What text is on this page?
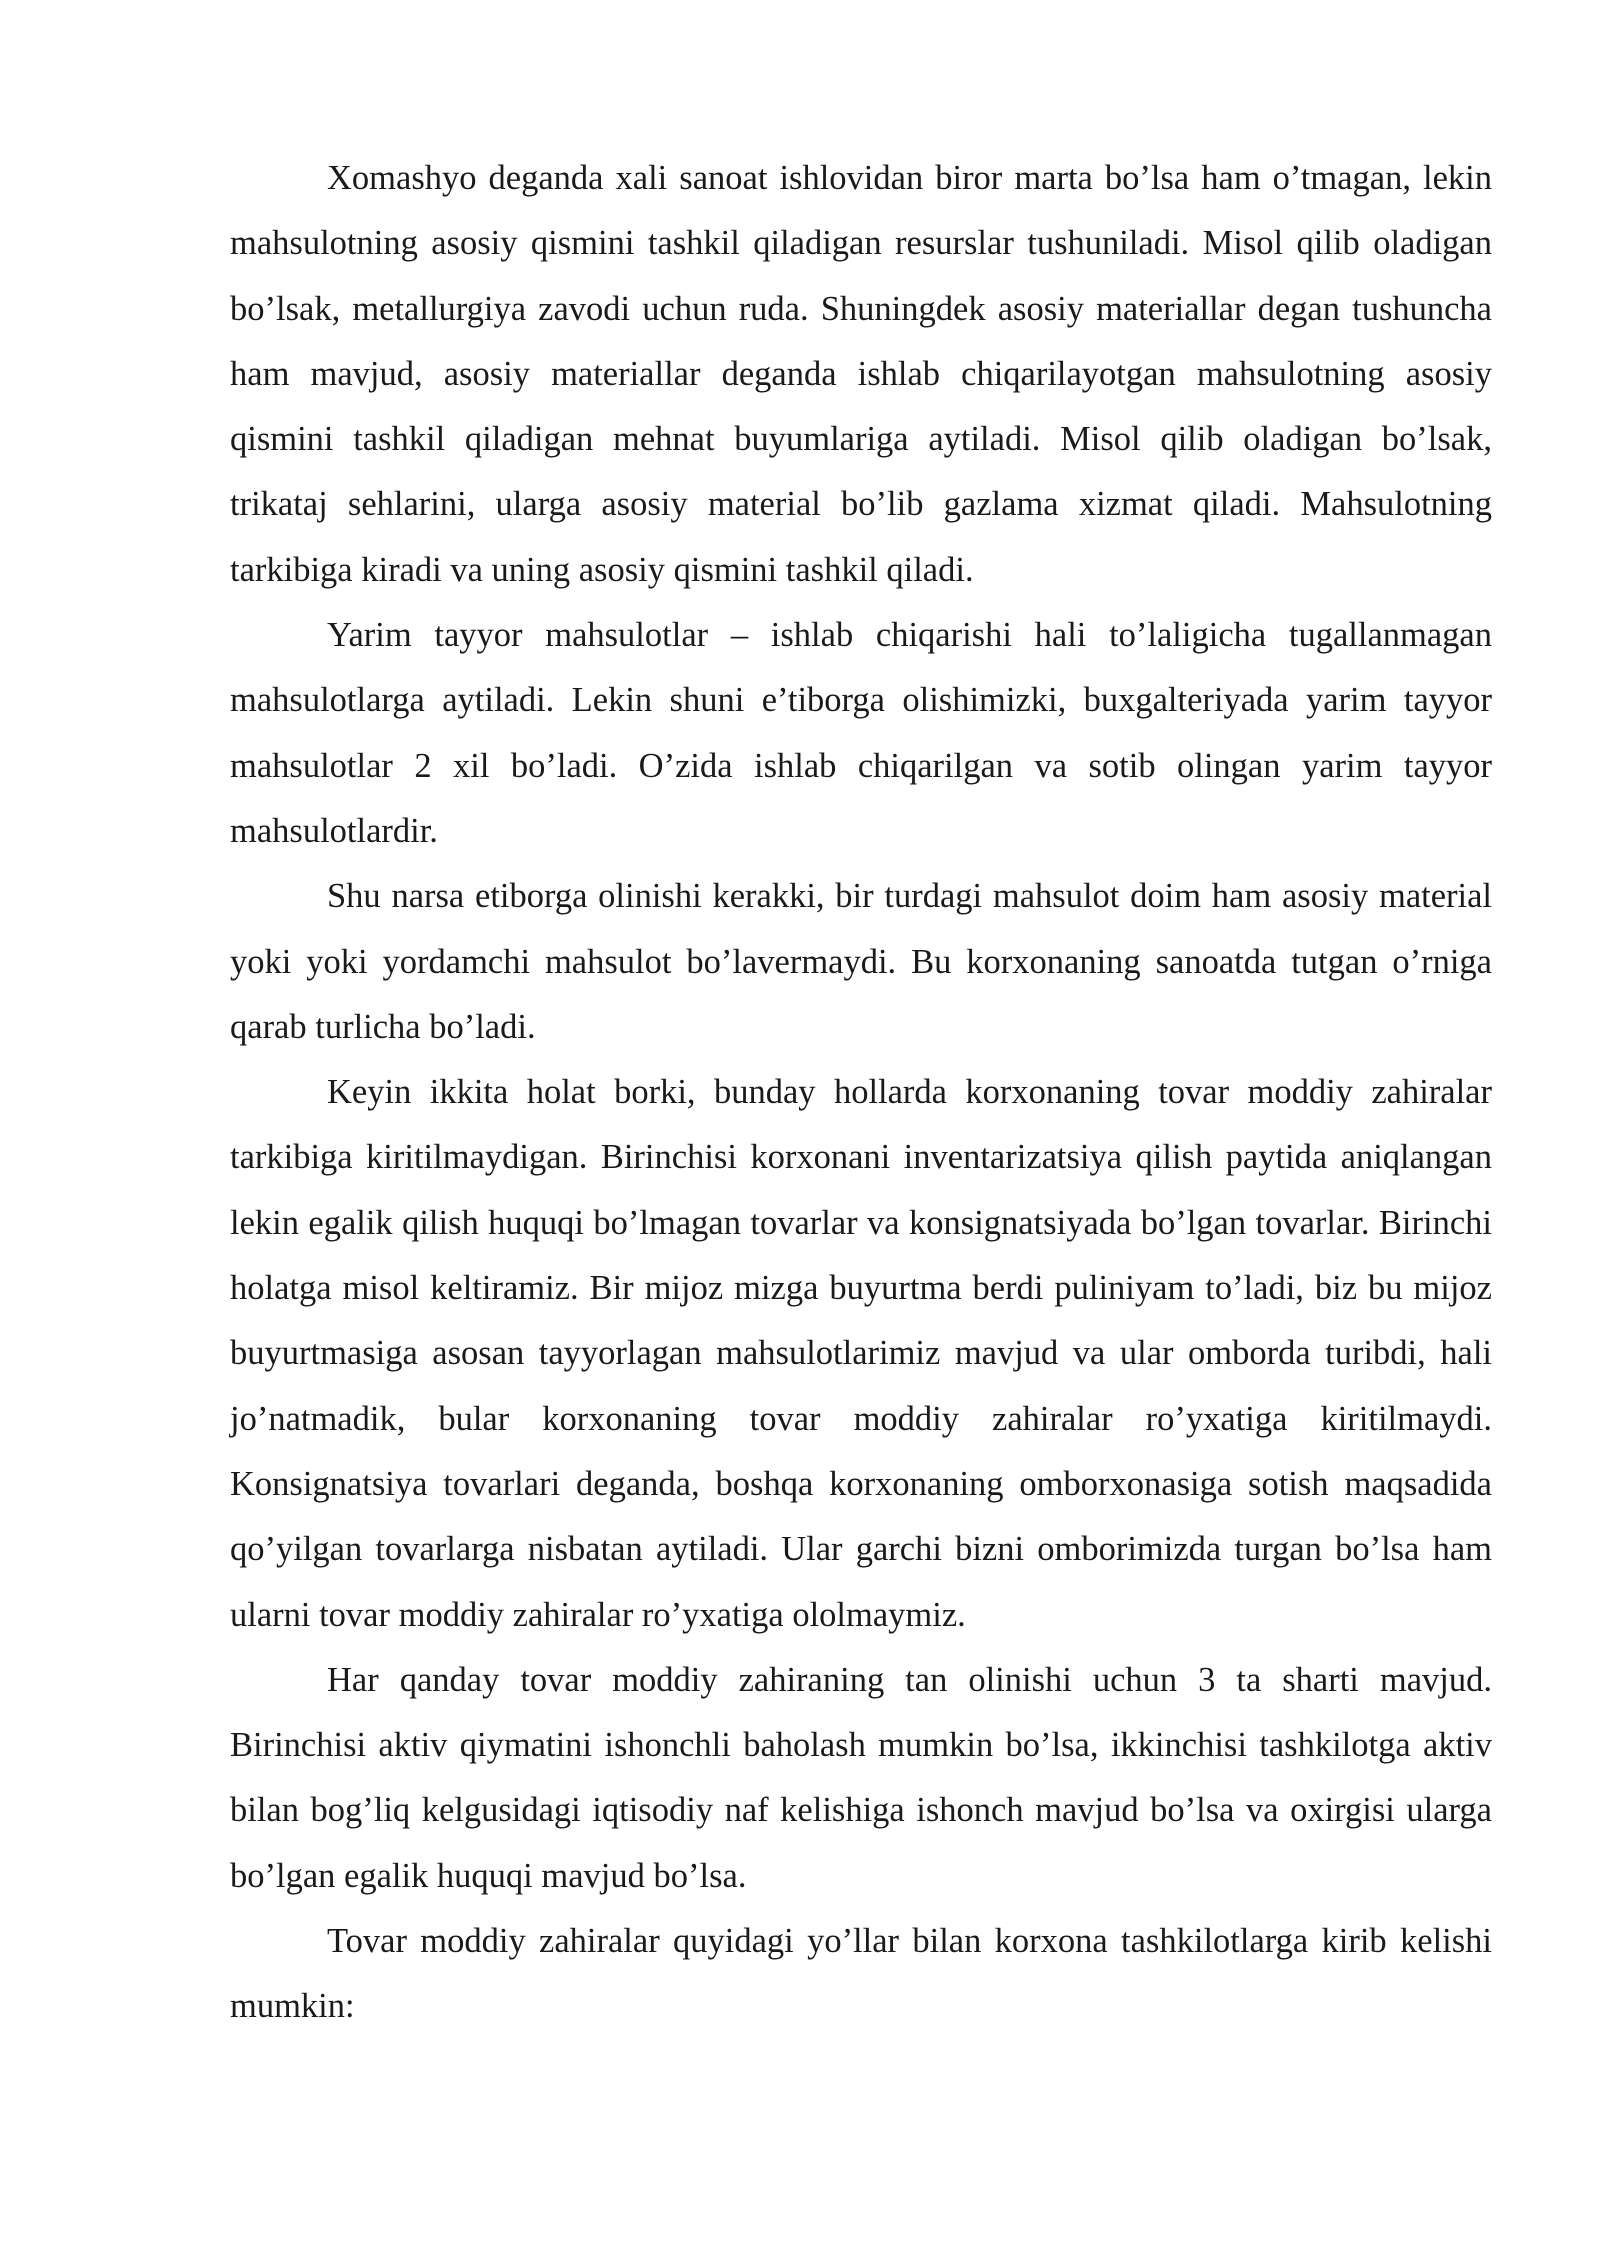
Xomashyo deganda xali sanoat ishlovidan biror marta bo’lsa ham o’tmagan, lekin mahsulotning asosiy qismini tashkil qiladigan resurslar tushuniladi. Misol qilib oladigan bo’lsak, metallurgiya zavodi uchun ruda. Shuningdek asosiy materiallar degan tushuncha ham mavjud, asosiy materiallar deganda ishlab chiqarilayotgan mahsulotning asosiy qismini tashkil qiladigan mehnat buyumlariga aytiladi. Misol qilib oladigan bo’lsak, trikataj sehlarini, ularga asosiy material bo’lib gazlama xizmat qiladi. Mahsulotning tarkibiga kiradi va uning asosiy qismini tashkil qiladi.

Yarim tayyor mahsulotlar – ishlab chiqarishi hali to’laligicha tugallanmagan mahsulotlarga aytiladi. Lekin shuni e’tiborga olishimizki, buxgalteriyada yarim tayyor mahsulotlar 2 xil bo’ladi. O’zida ishlab chiqarilgan va sotib olingan yarim tayyor mahsulotlardir.

Shu narsa etiborga olinishi kerakki, bir turdagi mahsulot doim ham asosiy material yoki yoki yordamchi mahsulot bo’lavermaydi. Bu korxonaning sanoatda tutgan o’rniga qarab turlicha bo’ladi.

Keyin ikkita holat borki, bunday hollarda korxonaning tovar moddiy zahiralar tarkibiga kiritilmaydigan. Birinchisi korxonani inventarizatsiya qilish paytida aniqlangan lekin egalik qilish huquqi bo’lmagan tovarlar va konsignatsiyada bo’lgan tovarlar. Birinchi holatga misol keltiramiz. Bir mijoz mizga buyurtma berdi puliniyam to’ladi, biz bu mijoz buyurtmasiga asosan tayyorlagan mahsulotlarimiz mavjud va ular omborda turibdi, hali jo’natmadik, bular korxonaning tovar moddiy zahiralar ro’yxatiga kiritilmaydi. Konsignatsiya tovarlari deganda, boshqa korxonaning omborxonasiga sotish maqsadida qo’yilgan tovarlarga nisbatan aytiladi. Ular garchi bizni omborimizda turgan bo’lsa ham ularni tovar moddiy zahiralar ro’yxatiga ololmaymiz.

Har qanday tovar moddiy zahiraning tan olinishi uchun 3 ta sharti mavjud. Birinchisi aktiv qiymatini ishonchli baholash mumkin bo’lsa, ikkinchisi tashkilotga aktiv bilan bog’liq kelgusidagi iqtisodiy naf kelishiga ishonch mavjud bo’lsa va oxirgisi ularga bo’lgan egalik huquqi mavjud bo’lsa.

Tovar moddiy zahiralar quyidagi yo’llar bilan korxona tashkilotlarga kirib kelishi mumkin:
